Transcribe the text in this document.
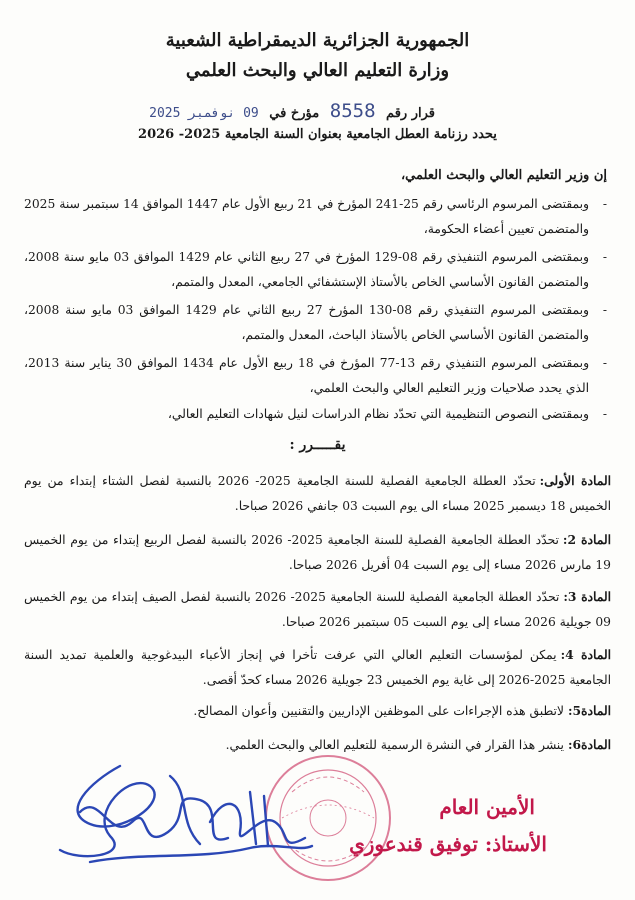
الجمهورية الجزائرية الديمقراطية الشعبية
وزارة التعليم العالي والبحث العلمي
قرار رقم 8558 مؤرخ في 09 نوفمبر 2025
يحدد رزنامة العطل الجامعية بعنوان السنة الجامعية 2025- 2026
إن وزير التعليم العالي والبحث العلمي،
- وبمقتضى المرسوم الرئاسي رقم 25-241 المؤرخ في 21 ربيع الأول عام 1447 الموافق 14 سبتمبر سنة 2025 والمتضمن تعيين أعضاء الحكومة،
- وبمقتضى المرسوم التنفيذي رقم 08-129 المؤرخ في 27 ربيع الثاني عام 1429 الموافق 03 مايو سنة 2008، والمتضمن القانون الأساسي الخاص بالأستاذ الإستشفائي الجامعي، المعدل والمتمم،
- وبمقتضى المرسوم التنفيذي رقم 08-130 المؤرخ 27 ربيع الثاني عام 1429 الموافق 03 مايو سنة 2008، والمتضمن القانون الأساسي الخاص بالأستاذ الباحث، المعدل والمتمم،
- وبمقتضى المرسوم التنفيذي رقم 13-77 المؤرخ في 18 ربيع الأول عام 1434 الموافق 30 يناير سنة 2013، الذي يحدد صلاحيات وزير التعليم العالي والبحث العلمي،
- وبمقتضى النصوص التنظيمية التي تحدّد نظام الدراسات لنيل شهادات التعليم العالي،
يقـــــرر :
المادة الأولى:تحدّد العطلة الجامعية الفصلية للسنة الجامعية 2025- 2026 بالنسبة لفصل الشتاء إبتداء من يوم الخميس 18 ديسمبر 2025 مساء الى يوم السبت 03 جانفي 2026 صباحا.
المادة 2:تحدّد العطلة الجامعية الفصلية للسنة الجامعية 2025- 2026 بالنسبة لفصل الربيع إبتداء من يوم الخميس 19 مارس 2026 مساء إلى يوم السبت 04 أفريل 2026 صباحا.
المادة 3:تحدّد العطلة الجامعية الفصلية للسنة الجامعية 2025- 2026 بالنسبة لفصل الصيف إبتداء من يوم الخميس 09 جويلية 2026 مساء إلى يوم السبت 05 سبتمبر 2026 صباحا.
المادة 4:يمكن لمؤسسات التعليم العالي التي عرفت تأخرا في إنجاز الأعباء البيدغوجية والعلمية تمديد السنة الجامعية 2025-2026 إلى غاية يوم الخميس 23 جويلية 2026 مساء كحدّ أقصى.
المادة5:لاتطبق هذه الإجراءات على الموظفين الإداريين والتقنيين وأعوان المصالح.
المادة6:ينشر هذا القرار في النشرة الرسمية للتعليم العالي والبحث العلمي.
الأمين العام
الأستاذ: توفيق قندعوزي
